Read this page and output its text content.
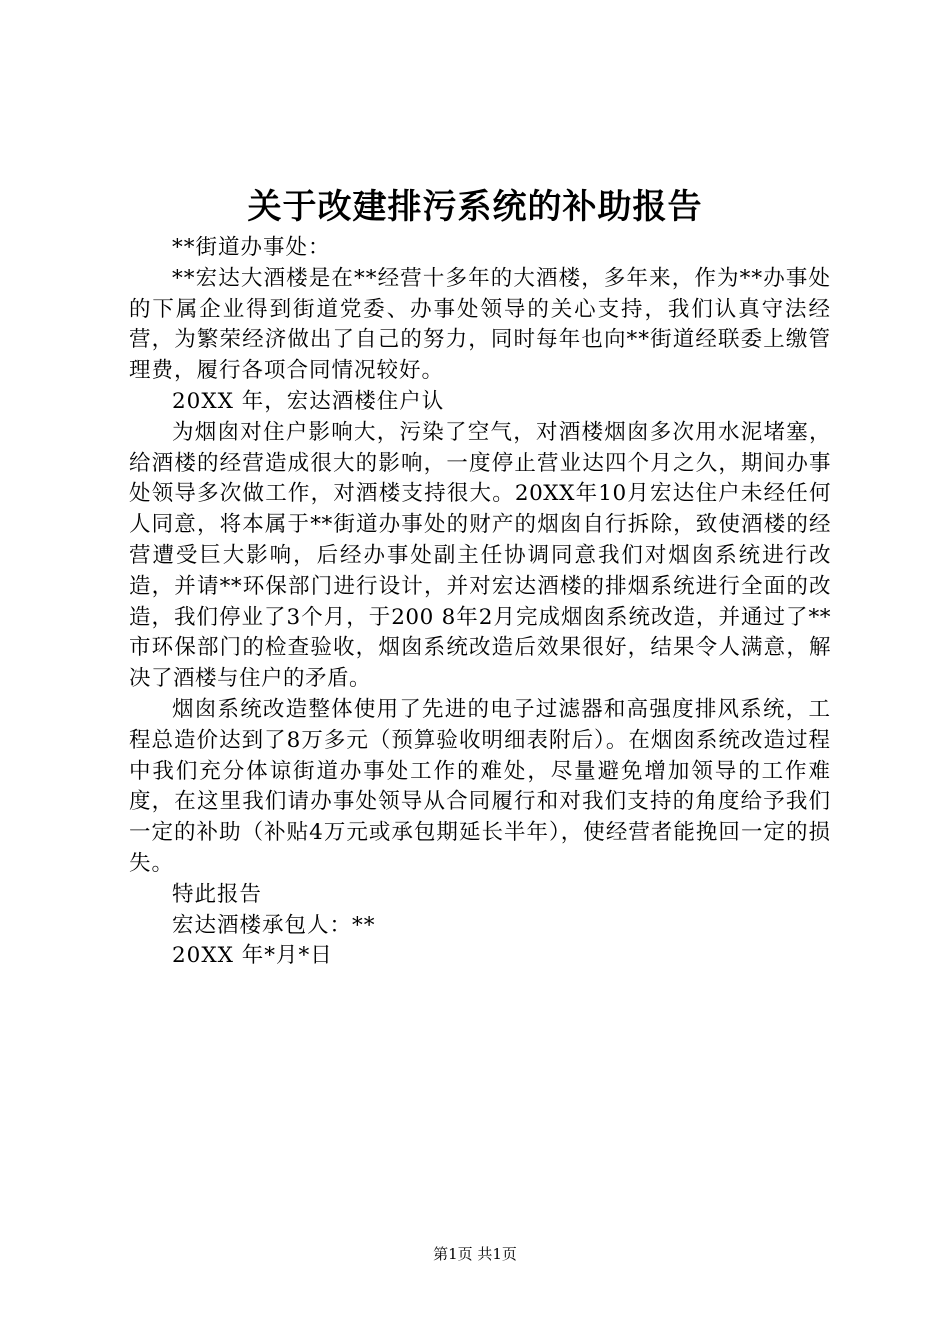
关于改建排污系统的补助报告

**街道办事处：

**宏达大酒楼是在**经营十多年的大酒楼，多年来，作为**办事处的下属企业得到街道党委、办事处领导的关心支持，我们认真守法经营，为繁荣经济做出了自己的努力，同时每年也向**街道经联委上缴管理费，履行各项合同情况较好。

20XX 年，宏达酒楼住户认

为烟囱对住户影响大，污染了空气，对酒楼烟囱多次用水泥堵塞，给酒楼的经营造成很大的影响，一度停止营业达四个月之久，期间办事处领导多次做工作，对酒楼支持很大。20XX年10月宏达住户未经任何人同意，将本属于**街道办事处的财产的烟囱自行拆除，致使酒楼的经营遭受巨大影响，后经办事处副主任协调同意我们对烟囱系统进行改造，并请**环保部门进行设计，并对宏达酒楼的排烟系统进行全面的改造，我们停业了3个月，于200 8年2月完成烟囱系统改造，并通过了**市环保部门的检查验收，烟囱系统改造后效果很好，结果令人满意，解决了酒楼与住户的矛盾。

烟囱系统改造整体使用了先进的电子过滤器和高强度排风系统，工程总造价达到了8万多元（预算验收明细表附后）。在烟囱系统改造过程中我们充分体谅街道办事处工作的难处，尽量避免增加领导的工作难度，在这里我们请办事处领导从合同履行和对我们支持的角度给予我们一定的补助（补贴4万元或承包期延长半年），使经营者能挽回一定的损失。

特此报告

宏达酒楼承包人：**

20XX 年*月*日

第1页 共1页
